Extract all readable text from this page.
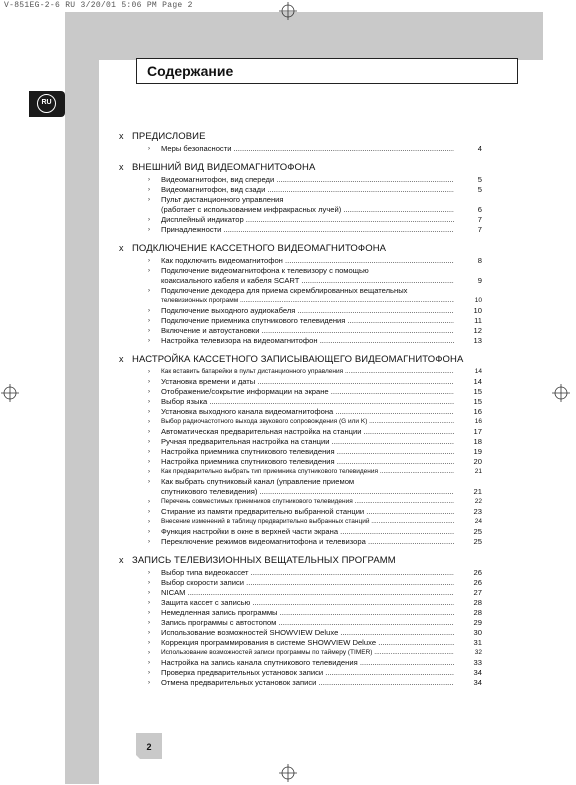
V-851EG-2-6 RU 3/20/01 5:06 PM Page 2
Содержание
RU
x ПРЕДИСЛОВИЕ
› Меры безопасности .....	4
x ВНЕШНИЙ ВИД ВИДЕОМАГНИТОФОНА
› Видеомагнитофон, вид спереди .....	5
› Видеомагнитофон, вид сзади .....	5
› Пульт дистанционного управления
(работает с использованием инфракрасных лучей) .....	6
› Дисплейный индикатор .....	7
› Принадлежности .....	7
x ПОДКЛЮЧЕНИЕ КАССЕТНОГО ВИДЕОМАГНИТОФОНА
› Как подключить видеомагнитофон .....	8
› Подключение видеомагнитофона к телевизору с помощью
коаксиального кабеля и кабеля SCART .....	9
› Подключение декодера для приема скремблированных вещательных
телевизионных программ .....	10
› Подключение выходного аудиокабеля .....	10
› Подключение приемника спутникового телевидения .....	11
› Включение и автоустановки .....	12
› Настройка телевизора на видеомагнитофон .....	13
x НАСТРОЙКА КАССЕТНОГО ЗАПИСЫВАЮЩЕГО ВИДЕОМАГНИТОФОНА
› Как вставить батарейки в пульт дистанционного управления .....	14
› Установка времени и даты .....	14
› Отображение/сокрытие информации на экране .....	15
› Выбор языка .....	15
› Установка выходного канала видеомагнитофона .....	16
› Выбор радиочастотного выхода звукового сопровождения (G или K) .....	16
› Автоматическая предварительная настройка на станции .....	17
› Ручная предварительная настройка на станции .....	18
› Настройка приемника спутникового телевидения .....	19
› Настройка приемника спутникового телевидения .....	20
› Как предварительно выбрать тип приемника спутникового телевидения .....	21
› Как выбрать спутниковый канал (управление приемом
спутникового телевидения) .....	21
› Перечень совместимых приемников спутникового телевидения .....	22
› Стирание из памяти предварительно выбранной станции .....	23
› Внесение изменений в таблицу предварительно выбранных станций .....	24
› Функция настройки в окне в верхней части экрана .....	25
› Переключение режимов видеомагнитофона и телевизора .....	25
x ЗАПИСЬ ТЕЛЕВИЗИОННЫХ ВЕЩАТЕЛЬНЫХ ПРОГРАММ
› Выбор типа видеокассет .....	26
› Выбор скорости записи .....	26
› NICAM .....	27
› Защита кассет с записью .....	28
› Немедленная запись программы .....	28
› Запись программы с автостопом .....	29
› Использование возможностей SHOWVIEW Deluxe .....	30
› Коррекция программирования в системе SHOWVIEW Deluxe .....	31
› Использование возможностей записи программы по таймеру (TIMER) .....	32
› Настройка на запись канала спутникового телевидения .....	33
› Проверка предварительных установок записи .....	34
› Отмена предварительных установок записи .....	34
2
